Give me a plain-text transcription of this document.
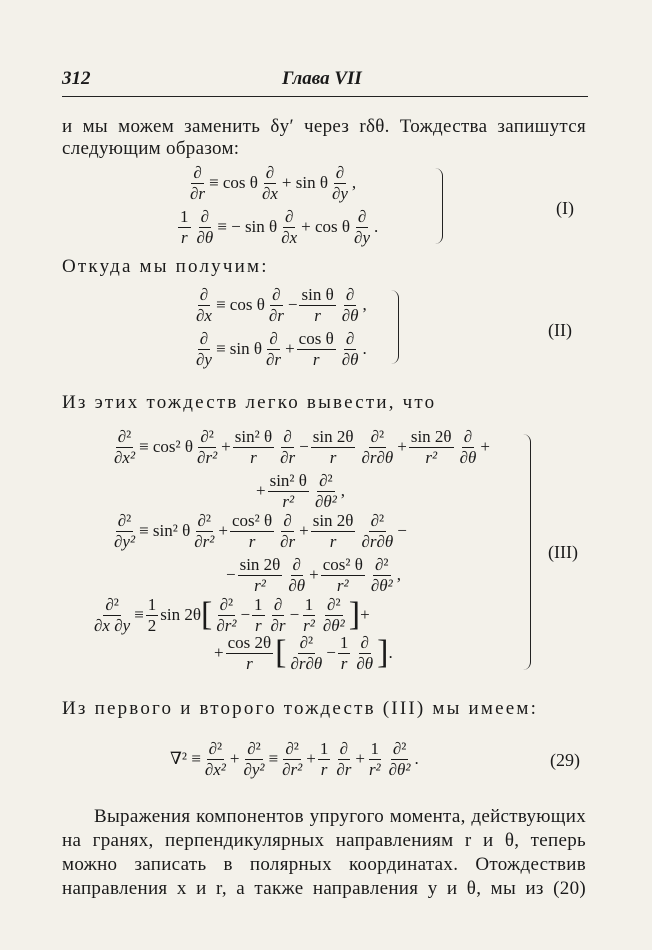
312	Глава VII
и мы можем заменить δy′ через rδθ. Тождества запишутся
следующим образом:
$\frac{\partial}{\partial r} \equiv \cos \theta \frac{\partial}{\partial x} + \sin \theta \frac{\partial}{\partial y}$ ,
$\frac{1}{r} \frac{\partial}{\partial\theta}$ ≡ − sin θ $\frac{\partial}{\partial x} + \cos \theta \frac{\partial}{\partial y}$ .
(I)
Откуда мы получим:
$\frac{\partial}{\partial x} \equiv \cos \theta \frac{\partial}{\partial r} - \frac{\text{sin θ}}{r} \frac{\partial}{\partial\theta}$ ,
$\frac{\partial}{\partial y} \equiv \sin \theta \frac{\partial}{\partial r} + \frac{\text{cos θ}}{r} \frac{\partial}{\partial\theta}$ .
(II)
Из этих тождеств легко вывести, что
$\frac{\text{∂²}}{\text{∂x²}} \equiv \cos^2$ θ $\frac{\text{∂²}}{\text{∂r²}} + \frac{\text{sin² θ}}{r} \frac{\partial}{\partial r} - \frac{\sin 2\theta}{r} \frac{\text{∂²}}{\partial r\partial\theta} + \frac{\sin 2\theta}{\text{r²}} \frac{\partial}{\partial\theta}$ +
+ $\frac{\text{sin² θ}}{\text{r²}} \frac{\text{∂²}}{\text{∂θ²}}$ ,
$\frac{\text{∂²}}{\text{∂y²}} \equiv \sin^2$ θ $\frac{\text{∂²}}{\text{∂r²}} + \frac{\text{cos² θ}}{r} \frac{\partial}{\partial r} + \frac{\sin 2\theta}{r} \frac{\text{∂²}}{\partial r\partial\theta}$ −
− $\frac{\sin 2\theta}{\text{r²}} \frac{\partial}{\partial\theta} + \frac{\text{cos² θ}}{\text{r²}} \frac{\text{∂²}}{\text{∂θ²}}$ ,
$\frac{\text{∂²}}{\partial x \partial y} \equiv \frac{1}{2}$ sin 2θ [ $\frac{\text{∂²}}{\text{∂r²}} - \frac{1}{r} \frac{\partial}{\partial r} - \frac{1}{\text{r²}} \frac{\text{∂²}}{\text{∂θ²}}$ ] +
+ $\frac{\cos 2\theta}{r}$ [ $\frac{\text{∂²}}{\partial r\partial\theta} - \frac{1}{r} \frac{\partial}{\partial\theta}$ ] .
(III)
Из первого и второго тождеств (III) мы имеем:
$\nabla^2 \equiv \frac{\text{∂²}}{\text{∂x²}} + \frac{\text{∂²}}{\text{∂y²}} \equiv \frac{\text{∂²}}{\text{∂r²}} + \frac{1}{r} \frac{\partial}{\partial r} + \frac{1}{\text{r²}} \frac{\text{∂²}}{\text{∂θ²}}$ .	(29)
Выражения компонентов упругого момента, действующих
на гранях, перпендикулярных направлениям r и θ, теперь
можно записать в полярных координатах. Отождествив
направления x и r, а также направления y и θ, мы из (20)
